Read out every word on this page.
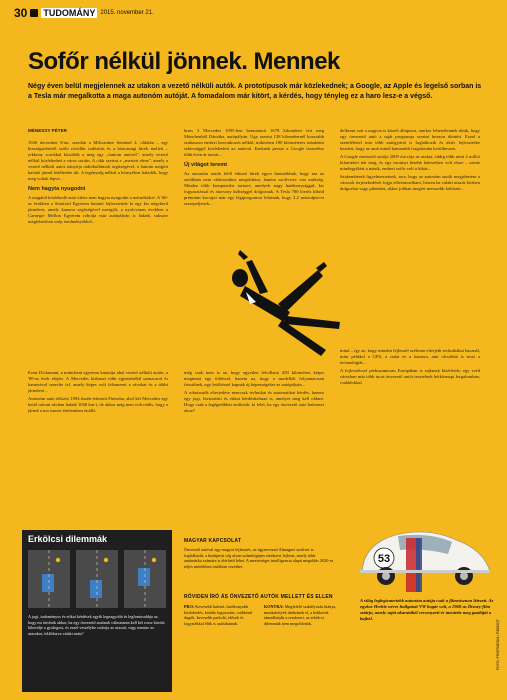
30 TUDOMÁNY 2015. november 21.
Sofőr nélkül jönnek. Mennek
Négy éven belül megjelennek az utakon a vezető nélküli autók. A prototípusok már közlekednek; a Google, az Apple és legelső sorban is a Tesla már megalkotta a maga autonóm autóját. A fomadalom már kitört, a kérdés, hogy tényleg ez a haro lesz-e a végső.
MÉNESSY PÉTER

1926 december 8-án, szerdán a Milwaukee Sentinel 4. oldalán – egy hisszágirtéséről szóló rövidhír tudósítás és a biztonsági hírek mellett – rekkony sorokkal közölték a meg egy „fantom autóról", amely vezető nélkül közlekedett a város utcáin. A cikk szerint a „mestert elme", amely a vezető nélküli autót irányítja rádióhullámok segítségével, a fantom mögött haladó jármű fedélzetén ült. A legénység nélkül a környéken haladók, hogy meg voltak lepve...

Nem hagyta nyugodni

A magától közlekedő autó ötlete nem hagyta nyugodni a mérnököket. A '60-as években a Stanford Egyetem kutatói fejlesztettek ki egy kis négykerű járművet, amely kamera segítségével navigált; a nyolcvanas években a Carnegie Mellon Egyetem robotja már autópályán is haladt, sokszor meglehetősen szép eredményekkel...

hires 3 Mercedes 1995-ben bemutatott 1678 kilométert tett meg Münchenből Dániába, autópályán. Ugy szerint 158 kilométernél hosszabb szakaszon emberi beavatkozás nélkül, miközben 180 kilométeres óránkénti sebességgel közlekedett az autóval. Ezeknek persze a Google tesztelése több éven át tartott...

Új világot teremt

Az autonóm autók felől érkező hírek egyre biztatóbbak, hogy ma az autókban nem elektronikus megoldásra, hanem szoftverre van szükség. Mindez több komputerbe tartozó, amelyek nagy hatékonysággal, kis fogyasztással és alacsony költséggel dolgoznak. A Tesla 700 lóerős hibrid prémium kocsijai már egy légiprogramot lefutnak, hogy 2,2 másodpercet szerepeljenek...

delkezni sott a nagyon is közeli állapotot, amikor lehetetlennek tűnik, hogy egy önvezető autó a saját programja szerint hozzon döntést. Ezzel a szemlélettel már több autógyártó is foglalkozik és aktív fejlesztésbe kezdett, hogy az autó minél hamarabb forgalomba kerülhessen.

A Google önvezető autója 2009 óta rója az utakat, eddig több mint 2 millió kilométert tett meg, és egy tucatnyi kisebb balesetben volt része – szinte mindegyikért a másik, emberi sofőr volt a hibás...

Szakemberek figyelmeztetnek, arra, hogy az autonóm autók megjelenése a városok terjeszkedését fogja előremozdítani, hiszen ha valaki utazás közben dolgozhat vagy pihenhet, akkor jobban megéri messzebb költözni...

Ernst Dickmann, a müncheni egyetem kutatója ahol vezető nélküli autón, a '80-as évek elején. A Mercedes kisbuszt több egyenértékű szenzorral és kamerával szerelte fel, amely képes volt felismerni a sávokat és a többi járművet...

Autonóm autó először 1994 őszén érkezett Párizsba, ahol két Mercedes egy kettő rokoni sávban haladt 1000 km-t, de akkor még nem volt reális, hogy a jármű a ma ismert értelemben önálló.

még csak nem is az, hogy egyetlen felvillanó 450 kilométert képes megtenni egy töltéssel, hanem az, hogy a modellek folyamatosan frissülnek, egy letöltéssel kapnak új képességeket az autópályán...

A robotautók elterjedése nemcsak technikai és automatikai kérdés, hanem egy jogi, biztosítási és etikai kérdéshalmaz is, amelyet meg kell oldani. Hogy csak a legégetőbbet említsük: ki felel, ha egy önvezető autó balesetet okoz?

mind – így az, hogy minden fejlesztő szélesen elterjedt technikákat használ, mint például a GPS, a radar és a kamera, ami olcsóbbá is teszi a technológiát...

A fejlesztéssel párhuzamosan Európában is zajlanak kísérletek; egy svéd városban már több tucat önvezető autót tesztelnek hétköznapi forgalomban, családokkal.

Erkölcsi dilemmák
A jogi, tudományos és etikai kérdések egyik legnagyobb és legfontosabbja az, hogy mi történik akkor, ha egy önvezető autónak választania kell két rossz között: kikerülje a gyalogost, és ezzel veszélybe sodorja az utasait, vagy mentse az utasokat, feláldozva valaki mást?
MAGYAR KAPCSOLAT
Önvezető autóval egy magyar fejlesztés, az úgynevezett Almagnet szoftver is foglalkozik; a budapesti cég olyan számítógépes rendszert fejleszt, amely több autómárka számára is elérhető lehet. A mesterséges intelligencia alapú megoldás 2020-ra teljes mértékben önállóan vezethet.
RÖVIDEN ÍRÓ ÁS ÖNVEZETŐ AUTÓK MELLETT ÉS ELLEN
PRO: Kevesebb baleset, hatékonyabb közlekedés, kisebb fogyasztás, csökkenő dugók, kevesebb parkoló, idősek és fogyatékkal élők is autózhatnak.
KONTRA: Megfelelő szabályozás hiánya, munkahelyek tűnhetnek el, a hekkerek támadhatják a rendszert, az erkölcsi dilemmák nem megoldottak.
53
A világ leglegismertebb autonóm autója csak a filmvásznon létezett. Az egykor Herbie névre hallgatott VW bogár volt, a 1968-as Disney-film sztárja, amely saját akaratából versenyzett és mentette meg gazdáját a bajból.
FOTÓ: PROFIMEDIA / REDDOT
